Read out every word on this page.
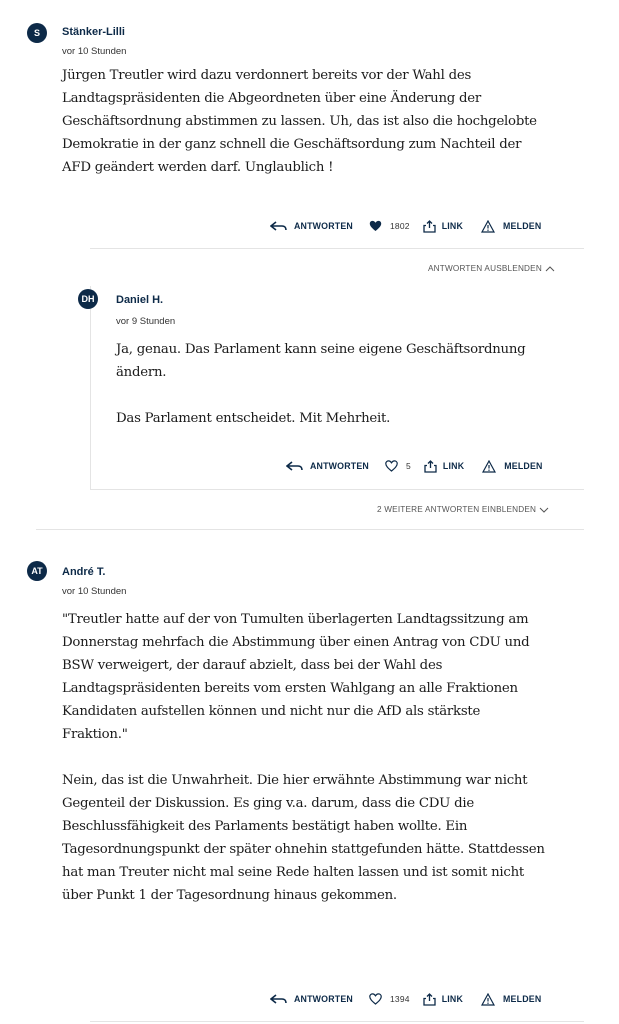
S	Stänker-Lilli
vor 10 Stunden

Jürgen Treutler wird dazu verdonnert bereits vor der Wahl des

Landtagspräsidenten die Abgeordneten über eine Änderung der

Geschäftsordnung abstimmen zu lassen. Uh, das ist also die hochgelobte

Demokratie in der ganz schnell die Geschäftsordung zum Nachteil der

AFD geändert werden darf. Unglaublich !

ANTWORTEN	1802	LINK	MELDEN
ANTWORTEN AUSBLENDEN
DH	Daniel H.
vor 9 Stunden

Ja, genau. Das Parlament kann seine eigene Geschäftsordnung

ändern.

Das Parlament entscheidet. Mit Mehrheit.

ANTWORTEN	5	LINK	MELDEN
2 WEITERE ANTWORTEN EINBLENDEN
AT	André T.
vor 10 Stunden

"Treutler hatte auf der von Tumulten überlagerten Landtagssitzung am

Donnerstag mehrfach die Abstimmung über einen Antrag von CDU und

BSW verweigert, der darauf abzielt, dass bei der Wahl des

Landtagspräsidenten bereits vom ersten Wahlgang an alle Fraktionen

Kandidaten aufstellen können und nicht nur die AfD als stärkste

Fraktion."

Nein, das ist die Unwahrheit. Die hier erwähnte Abstimmung war nicht

Gegenteil der Diskussion. Es ging v.a. darum, dass die CDU die

Beschlussfähigkeit des Parlaments bestätigt haben wollte. Ein

Tagesordnungspunkt der später ohnehin stattgefunden hätte. Stattdessen

hat man Treuter nicht mal seine Rede halten lassen und ist somit nicht

über Punkt 1 der Tagesordnung hinaus gekommen.

ANTWORTEN	1394	LINK	MELDEN
